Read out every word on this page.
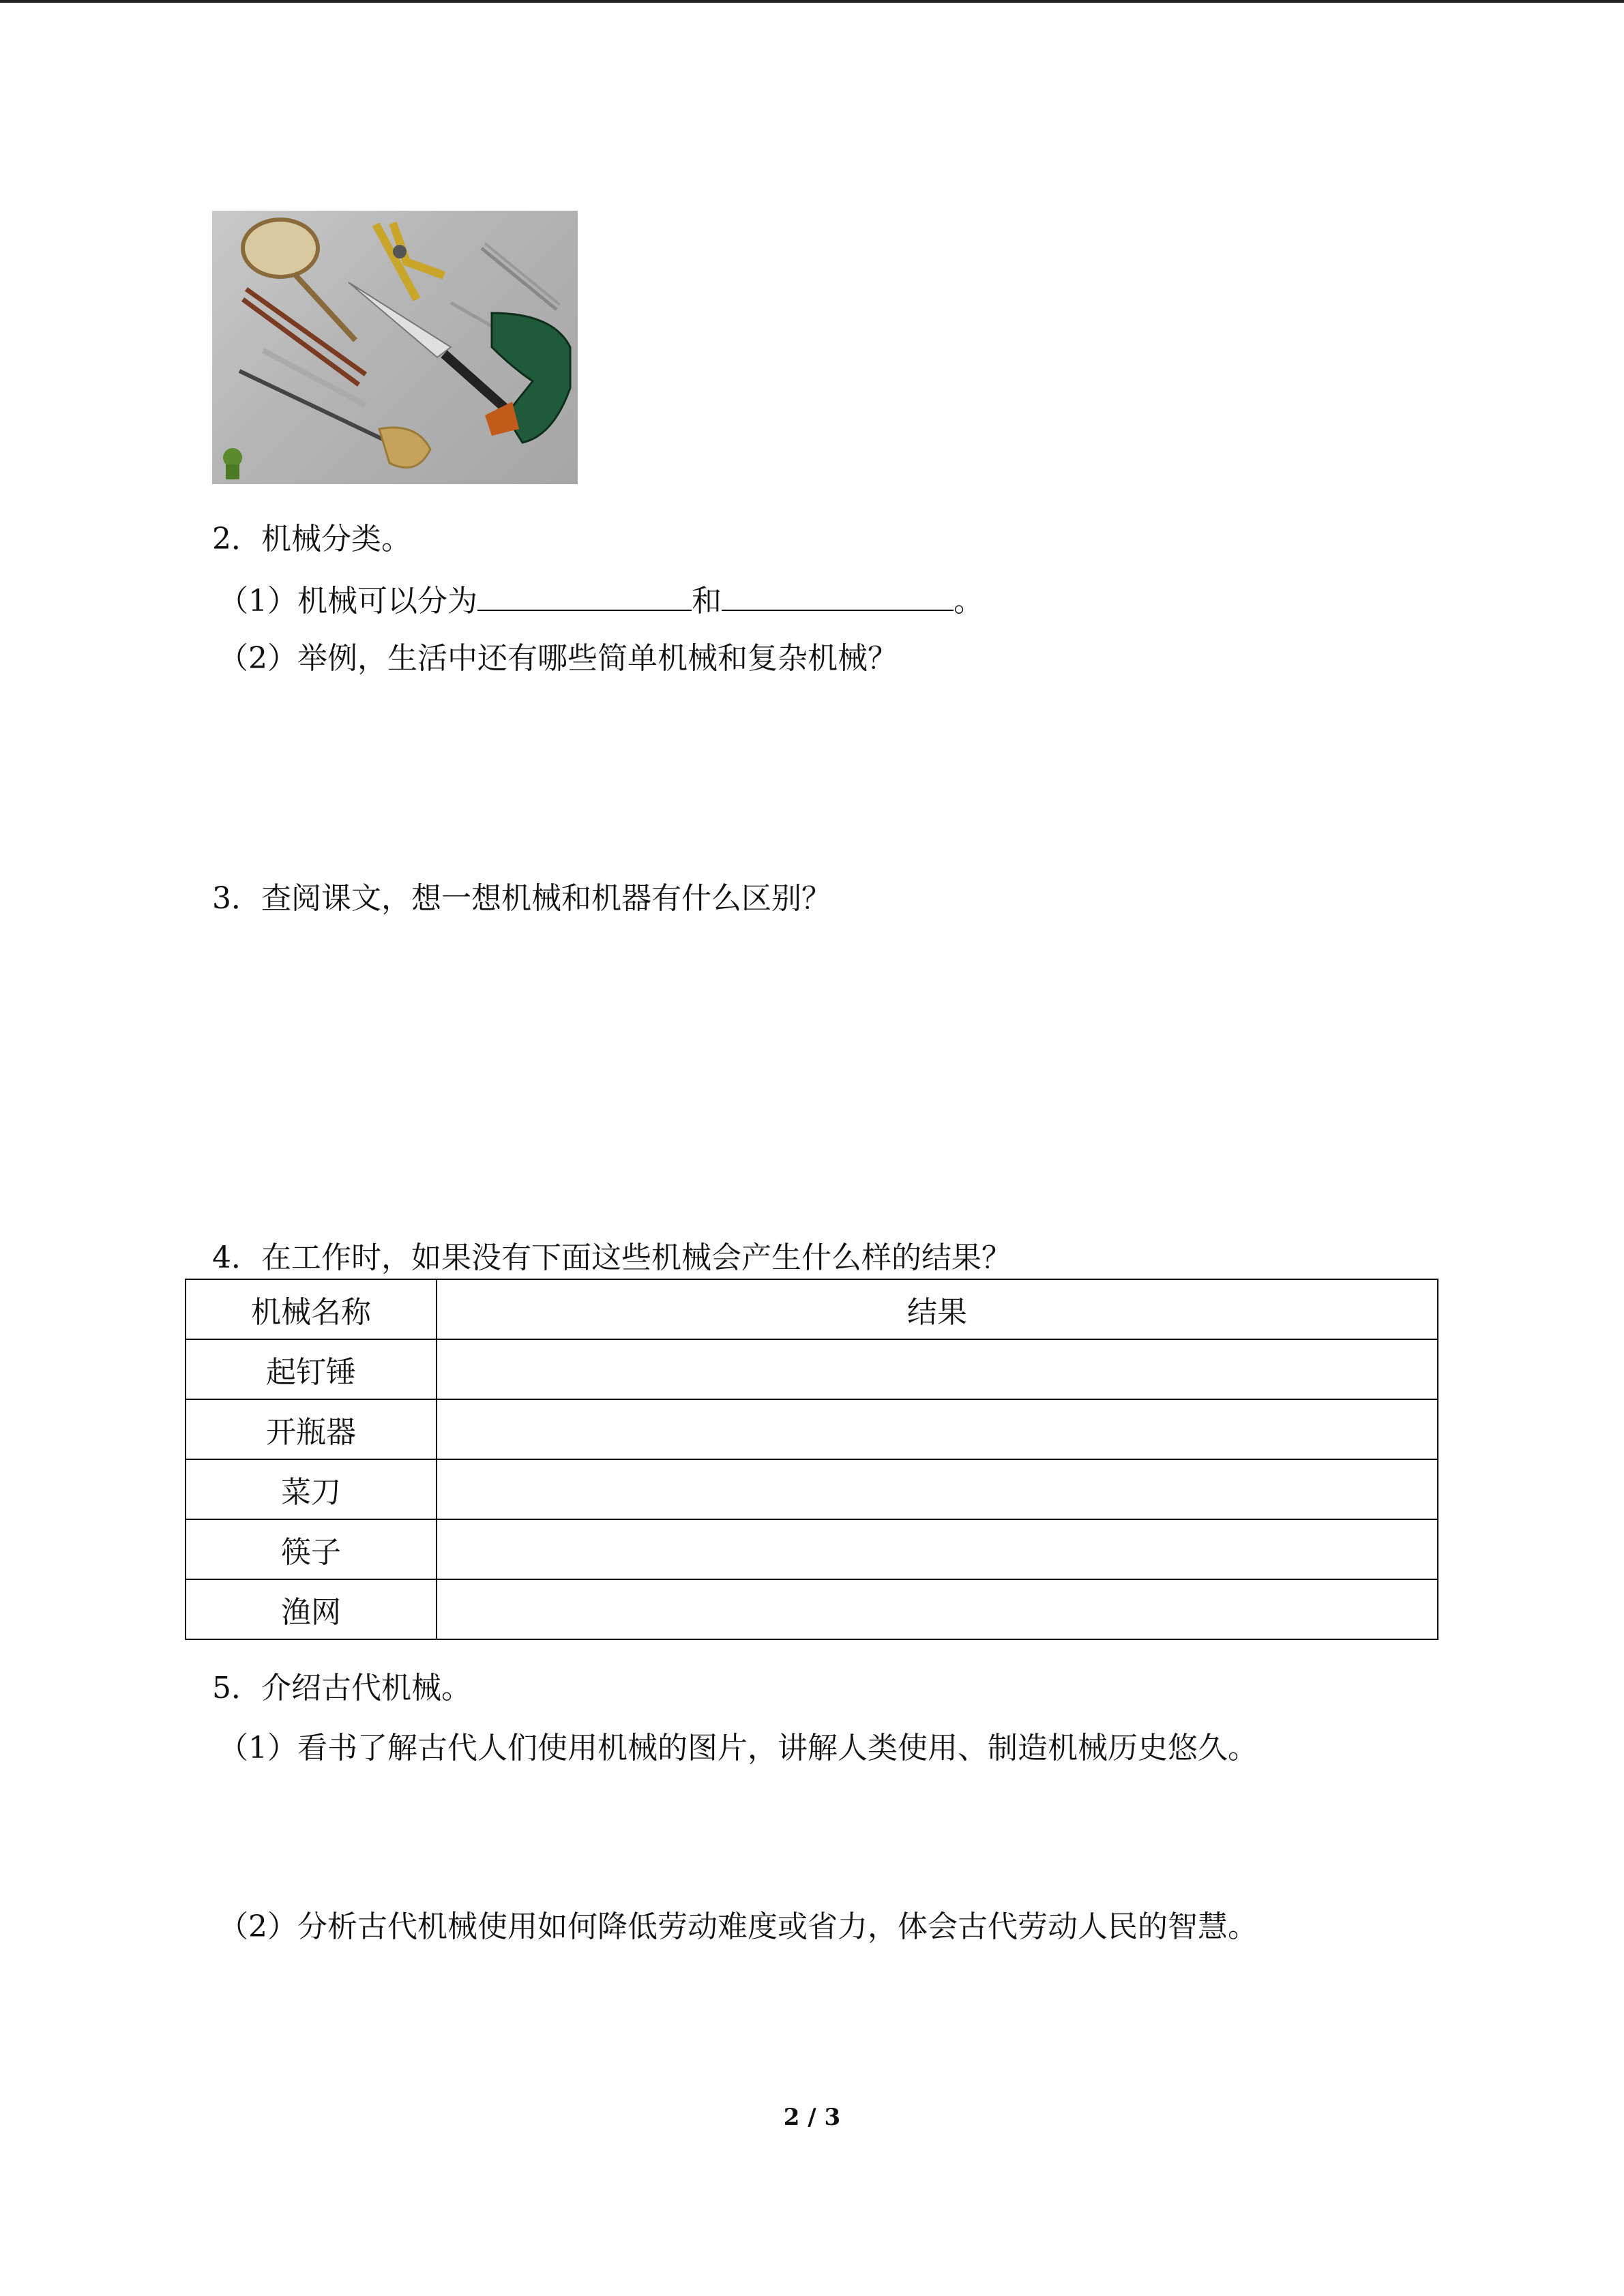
2．机械分类。
（1）机械可以分为	和	。
（2）举例，生活中还有哪些简单机械和复杂机械？
3．查阅课文，想一想机械和机器有什么区别？
4．在工作时，如果没有下面这些机械会产生什么样的结果？
机械名称	结果
起钉锤	
开瓶器	
菜刀	
筷子	
渔网	
5．介绍古代机械。
（1）看书了解古代人们使用机械的图片，讲解人类使用、制造机械历史悠久。
（2）分析古代机械使用如何降低劳动难度或省力，体会古代劳动人民的智慧。
2 / 3
